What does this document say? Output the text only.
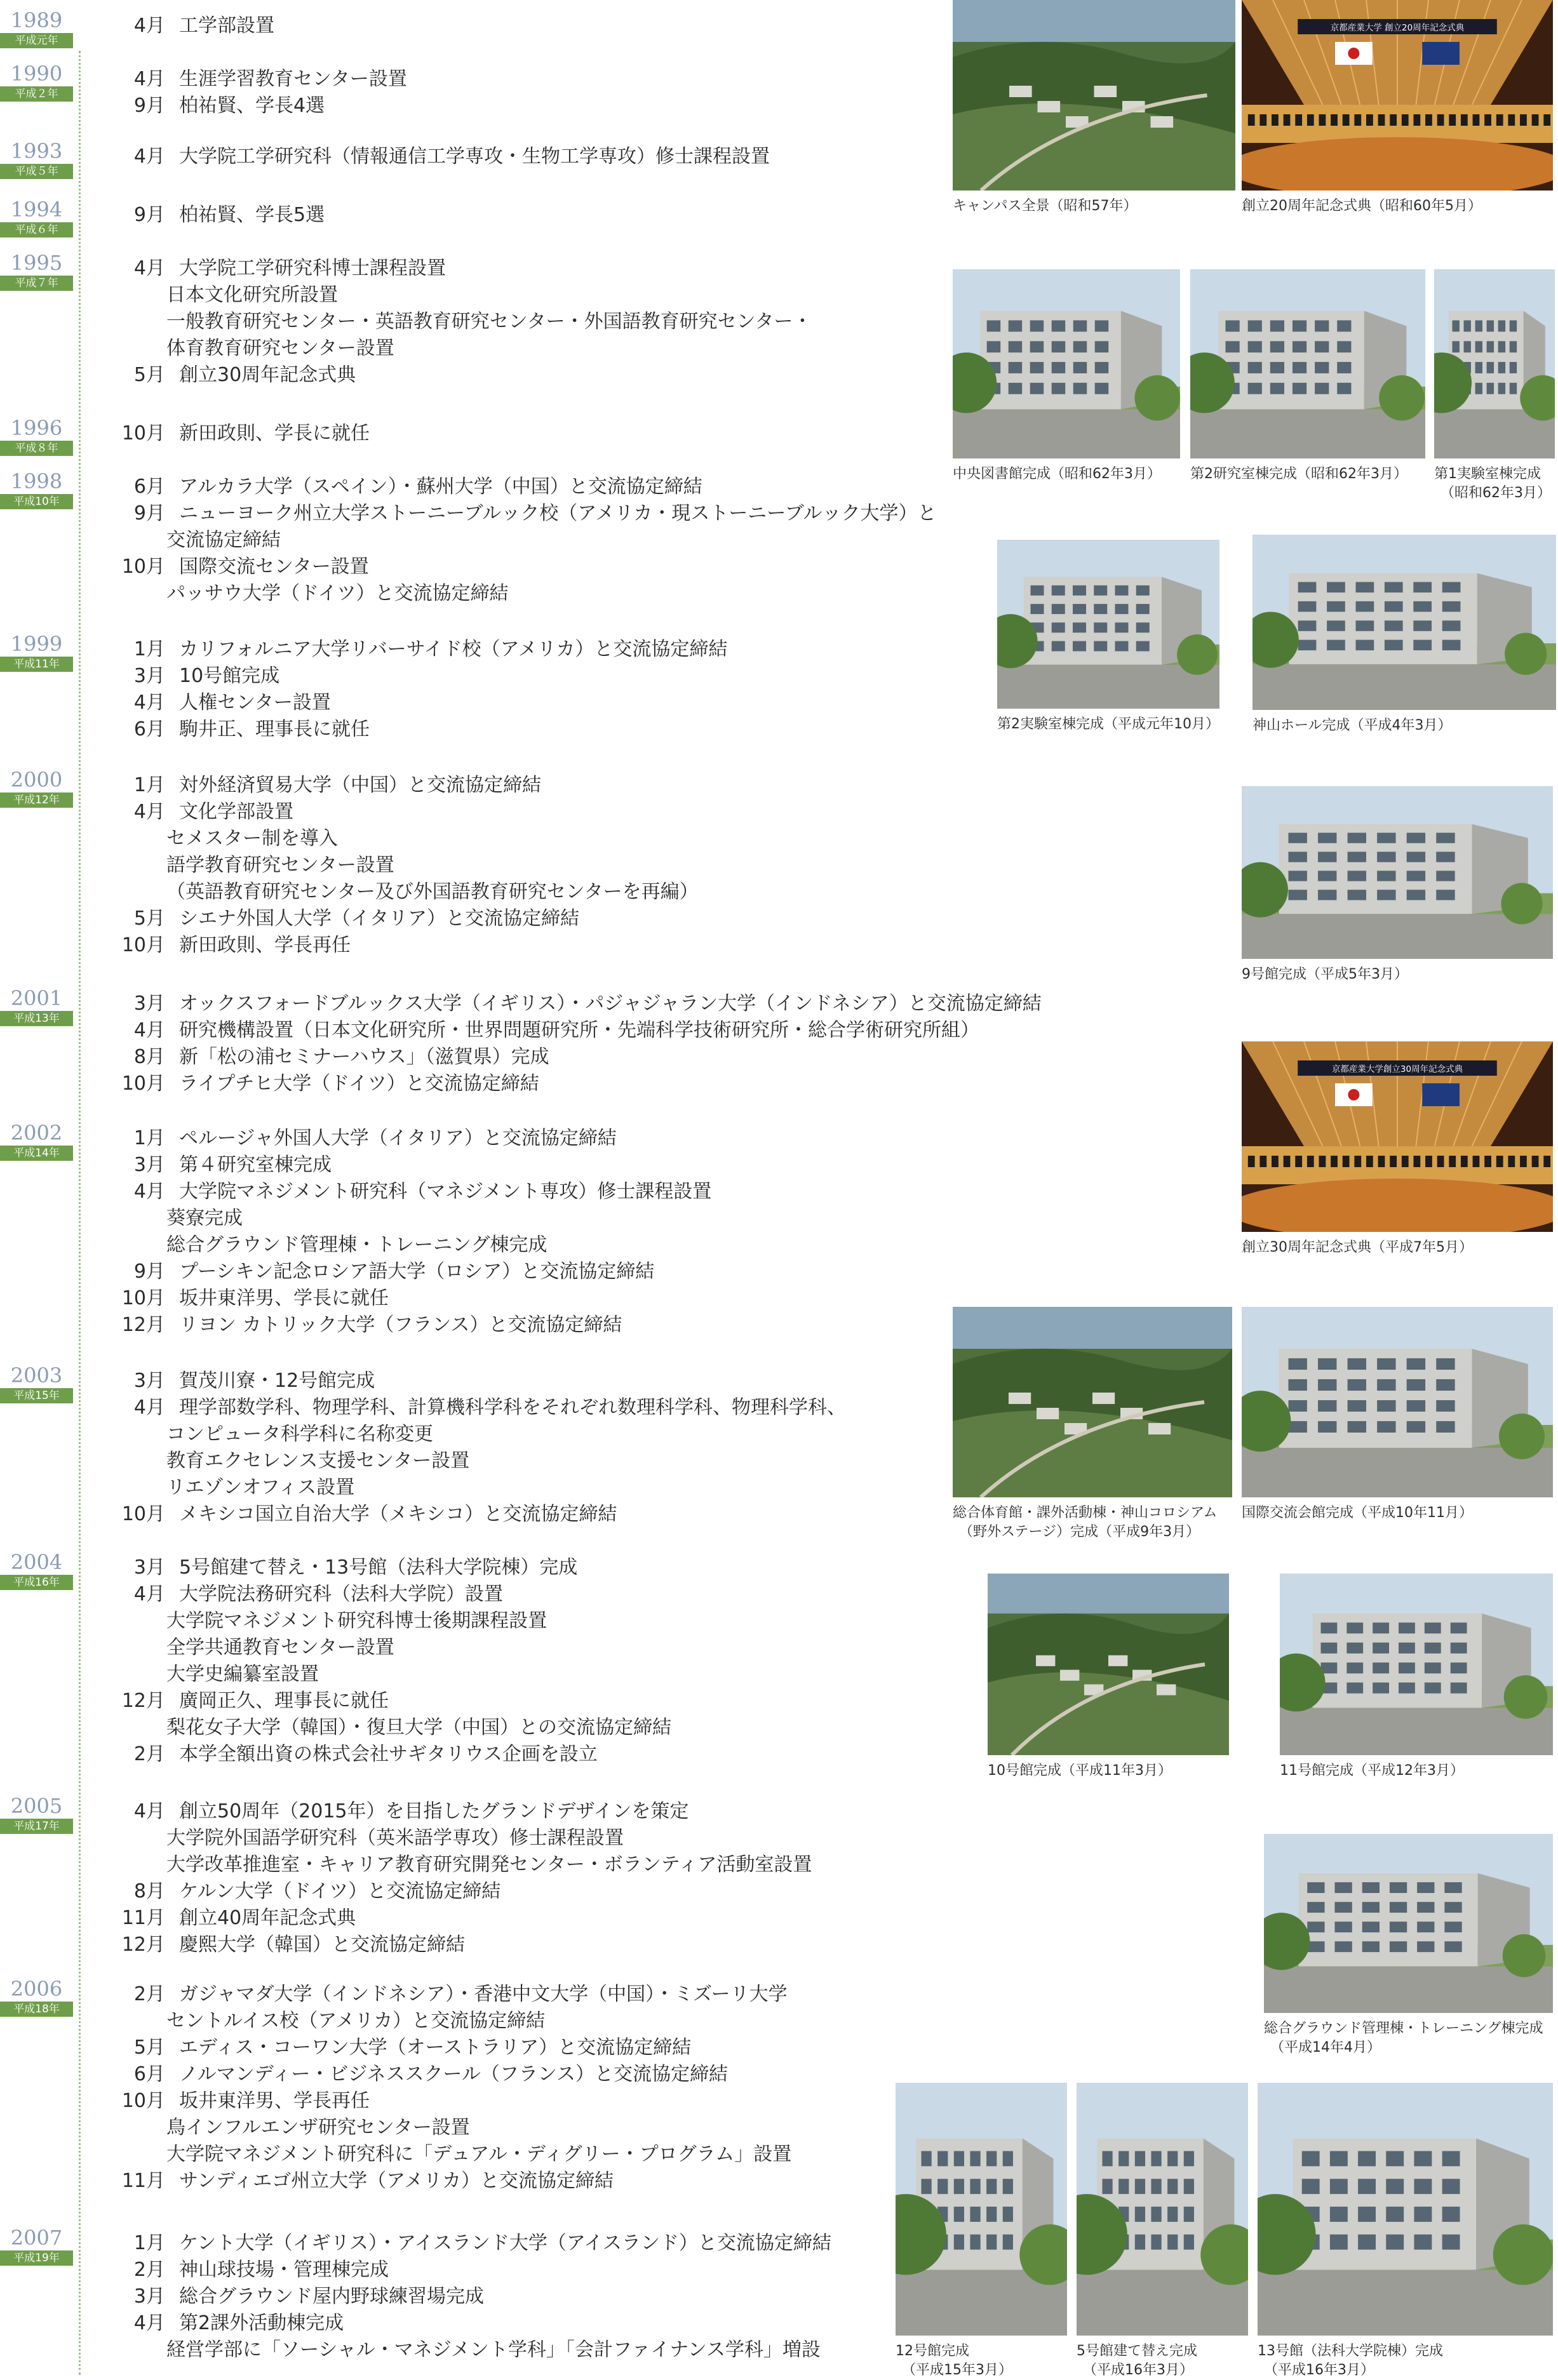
1989
平成元年
4月 工学部設置
1990
平成２年
4月 生涯学習教育センター設置
9月 柏祐賢、学長4選
1993
平成５年
4月 大学院工学研究科（情報通信工学専攻・生物工学専攻）修士課程設置
1994
平成６年
9月 柏祐賢、学長5選
1995
平成７年
4月 大学院工学研究科博士課程設置
日本文化研究所設置
一般教育研究センター・英語教育研究センター・外国語教育研究センター・
体育教育研究センター設置
5月 創立30周年記念式典
1996
平成８年
10月 新田政則、学長に就任
1998
平成10年
6月 アルカラ大学（スペイン）・蘇州大学（中国）と交流協定締結
9月 ニューヨーク州立大学ストーニーブルック校（アメリカ・現ストーニーブルック大学）と
交流協定締結
10月 国際交流センター設置
パッサウ大学（ドイツ）と交流協定締結
1999
平成11年
1月 カリフォルニア大学リバーサイド校（アメリカ）と交流協定締結
3月 10号館完成
4月 人権センター設置
6月 駒井正、理事長に就任
2000
平成12年
1月 対外経済貿易大学（中国）と交流協定締結
4月 文化学部設置
セメスター制を導入
語学教育研究センター設置
（英語教育研究センター及び外国語教育研究センターを再編）
5月 シエナ外国人大学（イタリア）と交流協定締結
10月 新田政則、学長再任
2001
平成13年
3月 オックスフォードブルックス大学（イギリス）・パジャジャラン大学（インドネシア）と交流協定締結
4月 研究機構設置（日本文化研究所・世界問題研究所・先端科学技術研究所・総合学術研究所組）
8月 新「松の浦セミナーハウス」（滋賀県）完成
10月 ライプチヒ大学（ドイツ）と交流協定締結
2002
平成14年
1月 ペルージャ外国人大学（イタリア）と交流協定締結
3月 第４研究室棟完成
4月 大学院マネジメント研究科（マネジメント専攻）修士課程設置
葵寮完成
総合グラウンド管理棟・トレーニング棟完成
9月 プーシキン記念ロシア語大学（ロシア）と交流協定締結
10月 坂井東洋男、学長に就任
12月 リヨン カトリック大学（フランス）と交流協定締結
2003
平成15年
3月 賀茂川寮・12号館完成
4月 理学部数学科、物理学科、計算機科学科をそれぞれ数理科学科、物理科学科、
コンピュータ科学科に名称変更
教育エクセレンス支援センター設置
リエゾンオフィス設置
10月 メキシコ国立自治大学（メキシコ）と交流協定締結
2004
平成16年
3月 5号館建て替え・13号館（法科大学院棟）完成
4月 大学院法務研究科（法科大学院）設置
大学院マネジメント研究科博士後期課程設置
全学共通教育センター設置
大学史編纂室設置
12月 廣岡正久、理事長に就任
梨花女子大学（韓国）・復旦大学（中国）との交流協定締結
2月 本学全額出資の株式会社サギタリウス企画を設立
2005
平成17年
4月 創立50周年（2015年）を目指したグランドデザインを策定
大学院外国語学研究科（英米語学専攻）修士課程設置
大学改革推進室・キャリア教育研究開発センター・ボランティア活動室設置
8月 ケルン大学（ドイツ）と交流協定締結
11月 創立40周年記念式典
12月 慶熙大学（韓国）と交流協定締結
2006
平成18年
2月 ガジャマダ大学（インドネシア）・香港中文大学（中国）・ミズーリ大学
セントルイス校（アメリカ）と交流協定締結
5月 エディス・コーワン大学（オーストラリア）と交流協定締結
6月 ノルマンディー・ビジネススクール（フランス）と交流協定締結
10月 坂井東洋男、学長再任
鳥インフルエンザ研究センター設置
大学院マネジメント研究科に「デュアル・ディグリー・プログラム」設置
11月 サンディエゴ州立大学（アメリカ）と交流協定締結
2007
平成19年
1月 ケント大学（イギリス）・アイスランド大学（アイスランド）と交流協定締結
2月 神山球技場・管理棟完成
3月 総合グラウンド屋内野球練習場完成
4月 第2課外活動棟完成
経営学部に「ソーシャル・マネジメント学科」「会計ファイナンス学科」増設
キャンパス全景（昭和57年）
京都産業大学 創立20周年記念式典
創立20周年記念式典（昭和60年5月）
中央図書館完成（昭和62年3月） 第2研究室棟完成（昭和62年3月） 第1実験室棟完成
（昭和62年3月）
第2実験室棟完成（平成元年10月） 神山ホール完成（平成4年3月）
9号館完成（平成5年3月）
京都産業大学創立30周年記念式典
創立30周年記念式典（平成7年5月）
総合体育館・課外活動棟・神山コロシアム
（野外ステージ）完成（平成9年3月）
国際交流会館完成（平成10年11月）
10号館完成（平成11年3月）	11号館完成（平成12年3月）
総合グラウンド管理棟・トレーニング棟完成
（平成14年4月）
12号館完成
（平成15年3月）
5号館建て替え完成
（平成16年3月）
13号館（法科大学院棟）完成
（平成16年3月）
